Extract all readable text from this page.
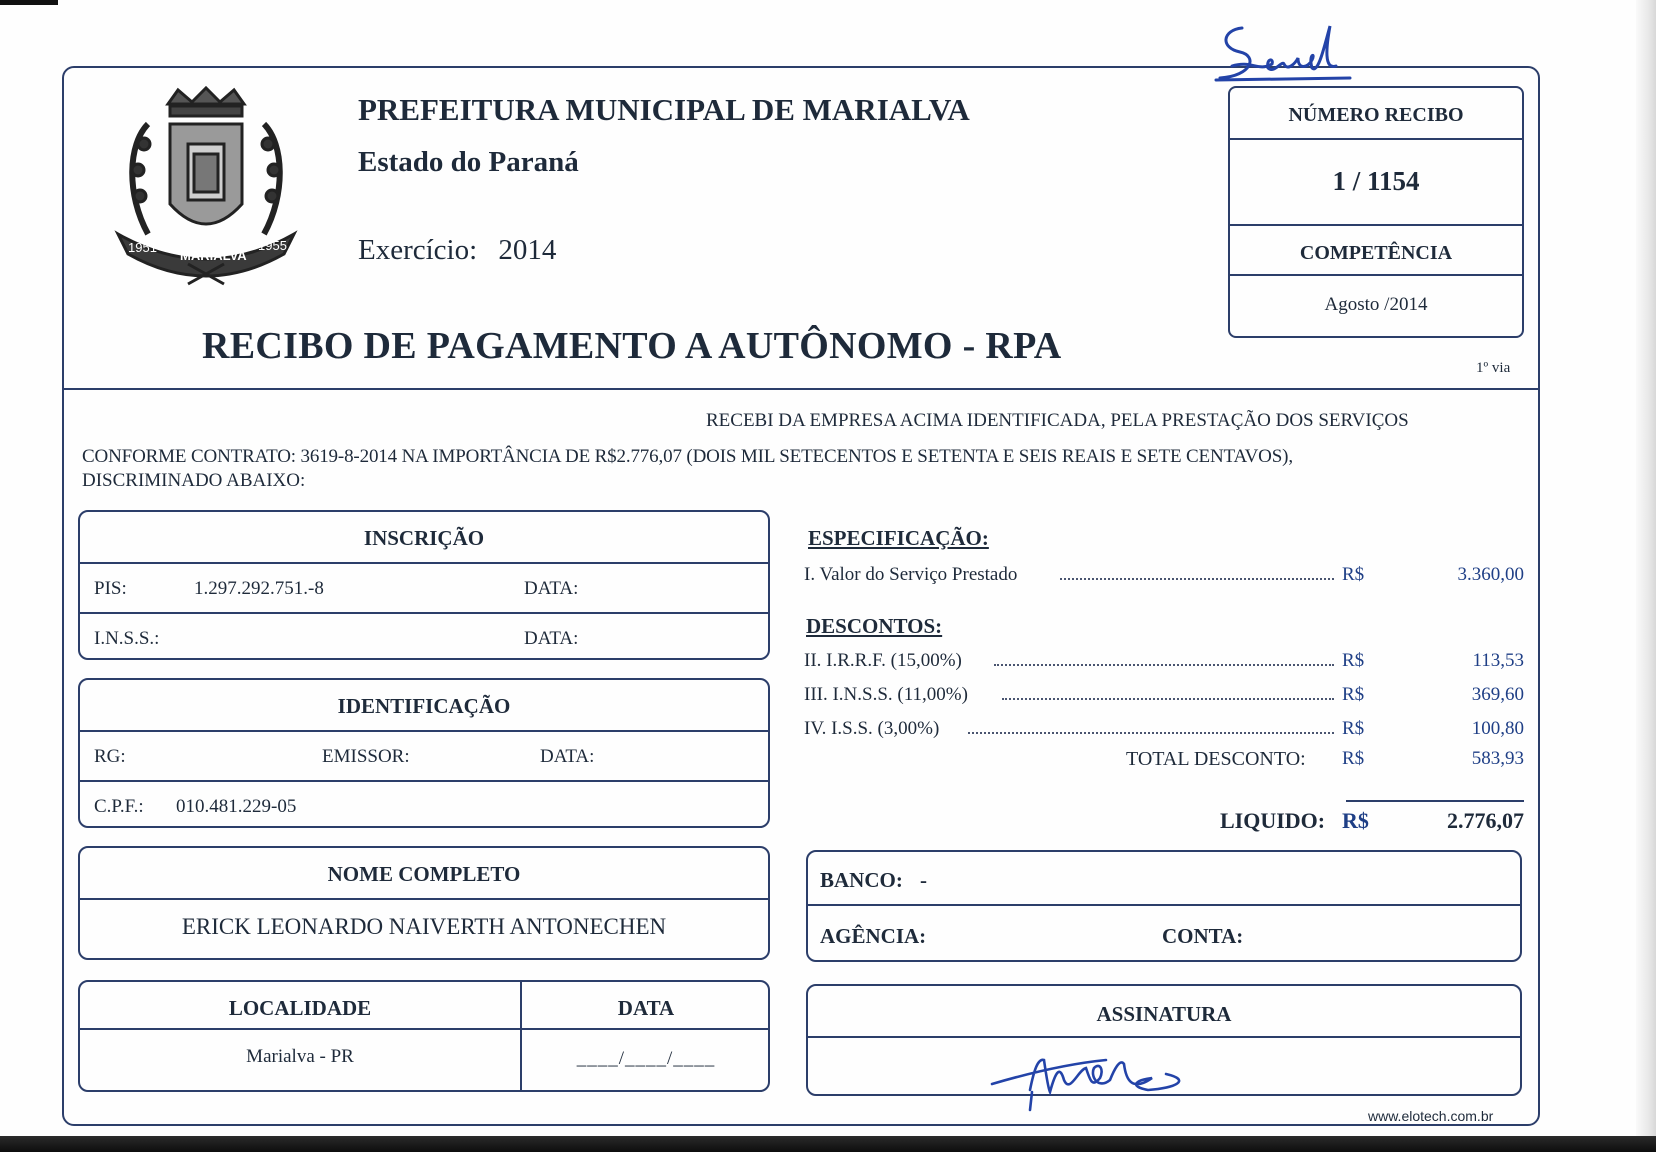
1951
MARIALVA
1955
PREFEITURA MUNICIPAL DE MARIALVA
Estado do Paraná
Exercício: 2014
RECIBO DE PAGAMENTO A AUTÔNOMO - RPA
NÚMERO RECIBO
1 / 1154
COMPETÊNCIA
Agosto /2014
1º via
RECEBI DA EMPRESA ACIMA IDENTIFICADA, PELA PRESTAÇÃO DOS SERVIÇOS
CONFORME CONTRATO: 3619-8-2014 NA IMPORTÂNCIA DE R$2.776,07 (DOIS MIL SETECENTOS E SETENTA E SEIS REAIS E SETE CENTAVOS),
DISCRIMINADO ABAIXO:
INSCRIÇÃO
PIS:	1.297.292.751.-8	DATA:
I.N.S.S.:	DATA:
IDENTIFICAÇÃO
RG:	EMISSOR:	DATA:
C.P.F.: 010.481.229-05
NOME COMPLETO
ERICK LEONARDO NAIVERTH ANTONECHEN
LOCALIDADE
Marialva - PR
DATA
____/____/____
ESPECIFICAÇÃO:
I. Valor do Serviço Prestado	R$	3.360,00
DESCONTOS:
II. I.R.R.F. (15,00%)	R$	113,53
III. I.N.S.S. (11,00%)	R$	369,60
IV. I.S.S. (3,00%)	R$	100,80
TOTAL DESCONTO: R$	583,93
LIQUIDO: R$	2.776,07
BANCO: -
AGÊNCIA:	CONTA:
ASSINATURA
www.elotech.com.br
